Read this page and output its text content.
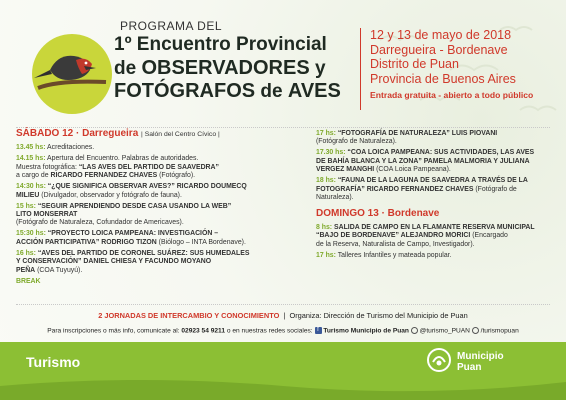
PROGRAMA DEL
1º Encuentro Provincial
de OBSERVADORES y
FOTÓGRAFOS de AVES
12 y 13 de mayo de 2018
Darregueira - Bordenave
Distrito de Puan
Provincia de Buenos Aires
Entrada gratuita - abierto a todo público
SÁBADO 12 · Darregueira | Salón del Centro Cívico |
13.45 hs: Acreditaciones.
14.15 hs: Apertura del Encuentro. Palabras de autoridades.
Muestra fotográfica: “LAS AVES DEL PARTIDO DE SAAVEDRA”
a cargo de RICARDO FERNANDEZ CHAVES (Fotógrafo).
14:30 hs: “¿QUE SIGNIFICA OBSERVAR AVES?” RICARDO DOUMECQ
MILIEU (Divulgador, observador y fotógrafo de fauna).
15 hs: “SEGUIR APRENDIENDO DESDE CASA USANDO LA WEB”
LITO MONSERRAT
(Fotógrafo de Naturaleza, Cofundador de Americaves).
15:30 hs: “PROYECTO LOICA PAMPEANA: INVESTIGACIÓN –
ACCIÓN PARTICIPATIVA” RODRIGO TIZON (Biólogo – INTA Bordenave).
16 hs: “AVES DEL PARTIDO DE CORONEL SUÁREZ: SUS HUMEDALES
Y CONSERVACIÓN” DANIEL CHIESA Y FACUNDO MOYANO
PEÑA (COA Tuyuyú).
BREAK
17 hs: “FOTOGRAFÍA DE NATURALEZA” LUIS PIOVANI
(Fotógrafo de Naturaleza).
17.30 hs: “COA LOICA PAMPEANA: SUS ACTIVIDADES, LAS AVES
DE BAHÍA BLANCA Y LA ZONA” PAMELA MALMORIA Y JULIANA
VERGEZ MANGHI (COA Loica Pampeana).
18 hs: “FAUNA DE LA LAGUNA DE SAAVEDRA A TRAVÉS DE LA
FOTOGRAFÍA” RICARDO FERNANDEZ CHAVES (Fotógrafo de Naturaleza).
DOMINGO 13 · Bordenave
8 hs: SALIDA DE CAMPO EN LA FLAMANTE RESERVA MUNICIPAL
“BAJO DE BORDENAVE” ALEJANDRO MORICI (Encargado
de la Reserva, Naturalista de Campo, Investigador).
17 hs: Talleres Infantiles y mateada popular.
2 JORNADAS DE INTERCAMBIO Y CONOCIMIENTO  |  Organiza: Dirección de Turismo del Municipio de Puan
Para inscripciones o más info, comunicate al: 02923 54 9211 o en nuestras redes sociales: f Turismo Municipio de Puan @turismo_PUAN /turismopuan
Turismo	Municipio
Puan
